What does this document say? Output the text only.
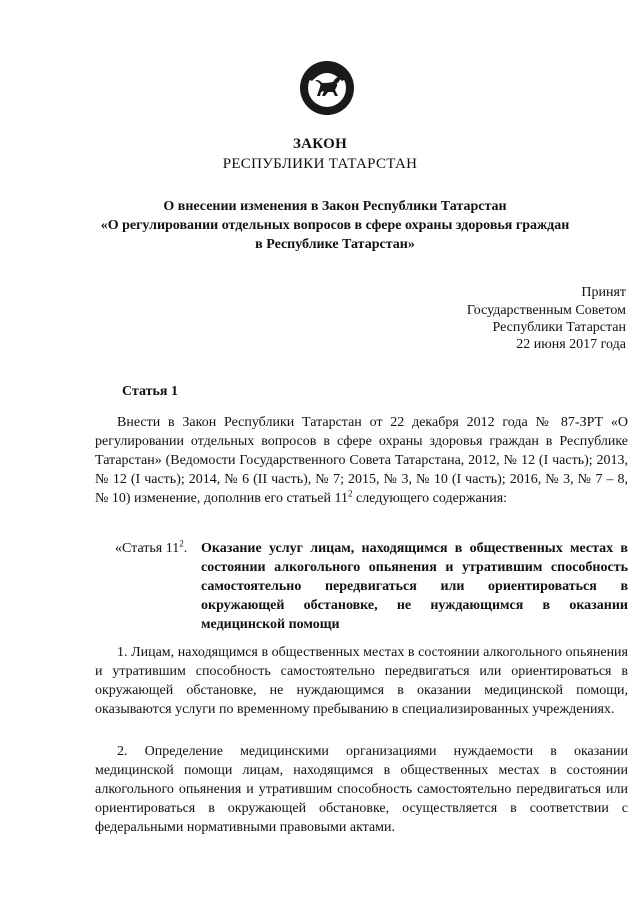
ЗАКОН
РЕСПУБЛИКИ ТАТАРСТАН
О внесении изменения в Закон Республики Татарстан
«О регулировании отдельных вопросов в сфере охраны здоровья граждан
в Республике Татарстан»
Принят
Государственным Советом
Республики Татарстан
22 июня 2017 года
Статья 1

Внести в Закон Республики Татарстан от 22 декабря 2012 года № 87-ЗРТ «О регулировании отдельных вопросов в сфере охраны здоровья граждан в Республике Татарстан» (Ведомости Государственного Совета Татарстана, 2012, № 12 (I часть); 2013, № 12 (I часть); 2014, № 6 (II часть), № 7; 2015, № 3, № 10 (I часть); 2016, № 3, № 7 – 8, № 10) изменение, дополнив его статьей $11^2$ следующего содержания:

«Статья $11^2$. Оказание услуг лицам, находящимся в общественных местах в состоянии алкогольного опьянения и утратившим способность самостоятельно передвигаться или ориентироваться в окружающей обстановке, не нуждающимся в оказании медицинской помощи

1. Лицам, находящимся в общественных местах в состоянии алкогольного опьянения и утратившим способность самостоятельно передвигаться или ориентироваться в окружающей обстановке, не нуждающимся в оказании медицинской помощи, оказываются услуги по временному пребыванию в специализированных учреждениях.

2. Определение медицинскими организациями нуждаемости в оказании медицинской помощи лицам, находящимся в общественных местах в состоянии алкогольного опьянения и утратившим способность самостоятельно передвигаться или ориентироваться в окружающей обстановке, осуществляется в соответствии с федеральными нормативными правовыми актами.
